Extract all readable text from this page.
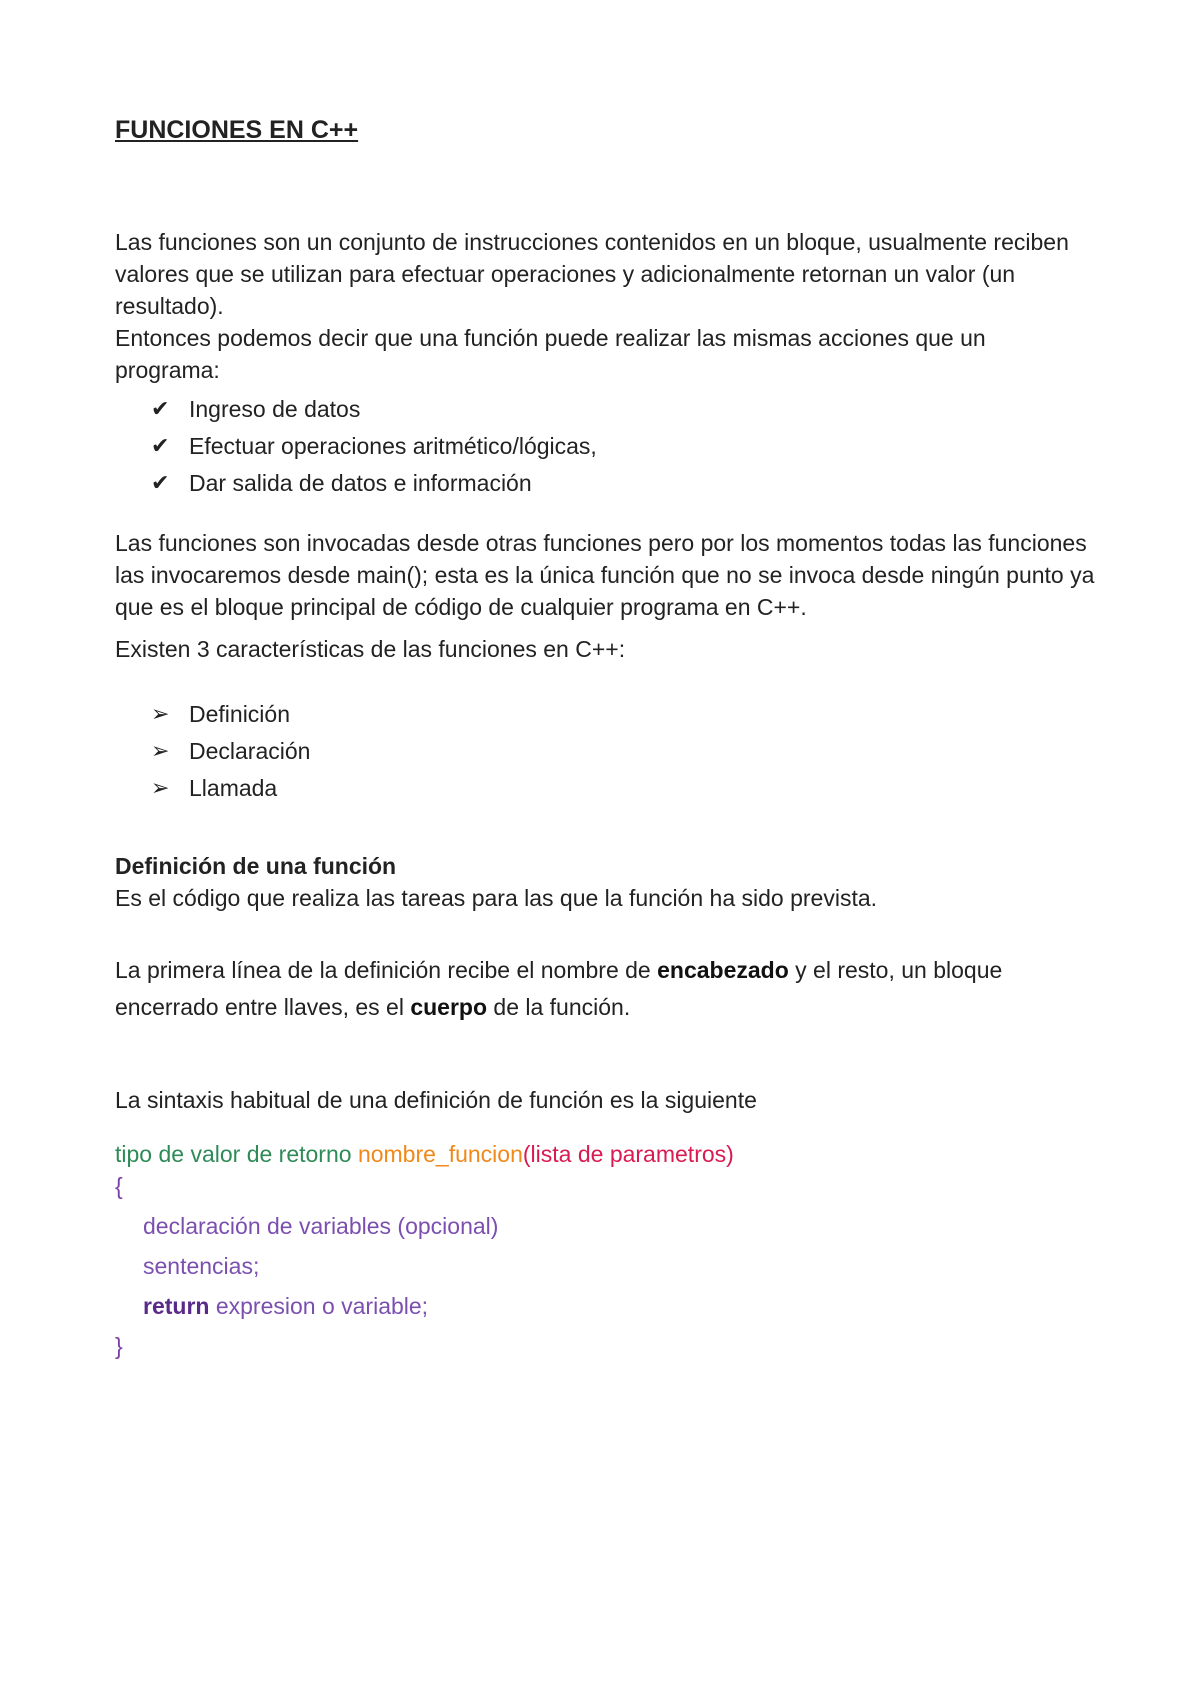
FUNCIONES EN C++

Las funciones son un conjunto de instrucciones contenidos en un bloque, usualmente reciben valores que se utilizan para efectuar operaciones y adicionalmente retornan un valor (un resultado).

Entonces podemos decir que una función puede realizar las mismas acciones que un programa:

✔ Ingreso de datos
✔ Efectuar operaciones aritmético/lógicas,
✔ Dar salida de datos e información

Las funciones son invocadas desde otras funciones pero por los momentos todas las funciones las invocaremos desde main(); esta es la única función que no se invoca desde ningún punto ya que es el bloque principal de código de cualquier programa en C++.

Existen 3 características de las funciones en C++:

➢ Definición
➢ Declaración
➢ Llamada

Definición de una función

Es el código que realiza las tareas para las que la función ha sido prevista.

La primera línea de la definición recibe el nombre de encabezado y el resto, un bloque encerrado entre llaves, es el cuerpo de la función.

La sintaxis habitual de una definición de función es la siguiente

tipo de valor de retorno nombre_funcion(lista de parametros)
{
declaración de variables (opcional)
sentencias;
return expresion o variable;
}
